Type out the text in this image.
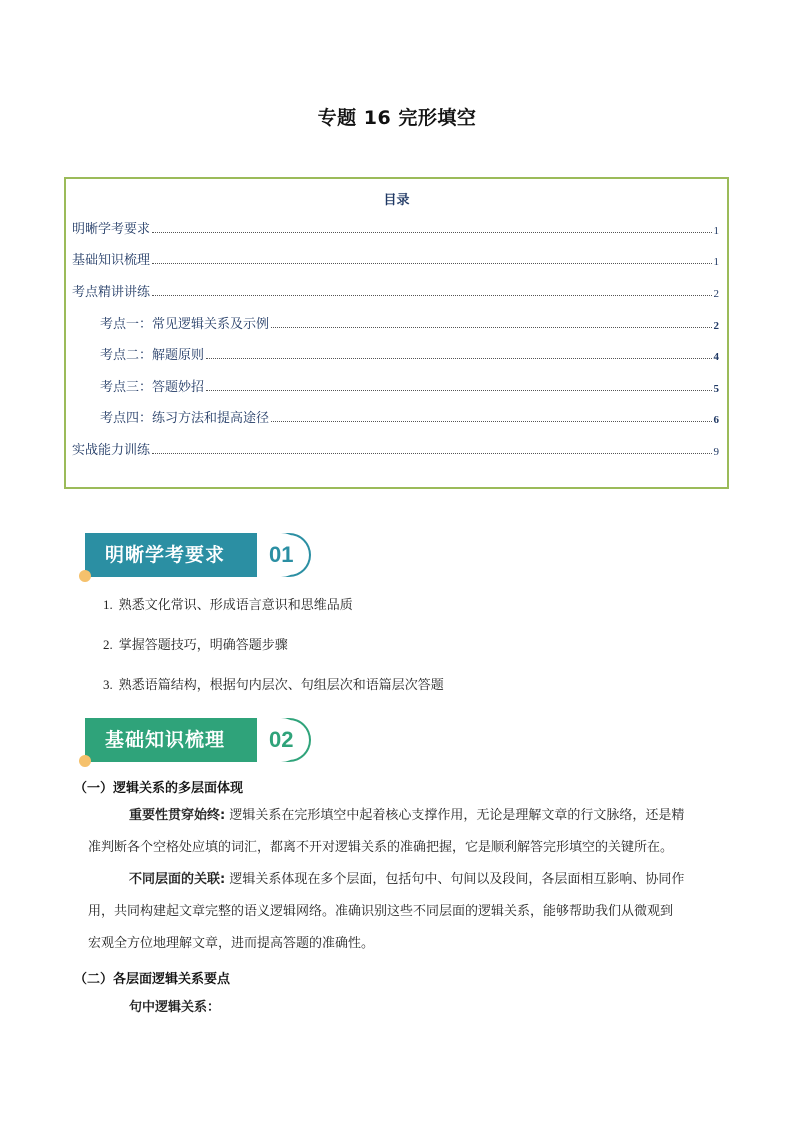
专题 16 完形填空
目录
明晰学考要求	1
基础知识梳理	1
考点精讲讲练	2
考点一：常见逻辑关系及示例	2
考点二：解题原则	4
考点三：答题妙招	5
考点四：练习方法和提高途径	6
实战能力训练	9
明晰学考要求	01
1. 熟悉文化常识、形成语言意识和思维品质
2. 掌握答题技巧，明确答题步骤
3. 熟悉语篇结构，根据句内层次、句组层次和语篇层次答题
基础知识梳理	02
（一）逻辑关系的多层面体现
重要性贯穿始终: 逻辑关系在完形填空中起着核心支撑作用，无论是理解文章的行文脉络，还是精
准判断各个空格处应填的词汇，都离不开对逻辑关系的准确把握，它是顺利解答完形填空的关键所在。
不同层面的关联: 逻辑关系体现在多个层面，包括句中、句间以及段间，各层面相互影响、协同作
用，共同构建起文章完整的语义逻辑网络。准确识别这些不同层面的逻辑关系，能够帮助我们从微观到
宏观全方位地理解文章，进而提高答题的准确性。
（二）各层面逻辑关系要点
句中逻辑关系：
